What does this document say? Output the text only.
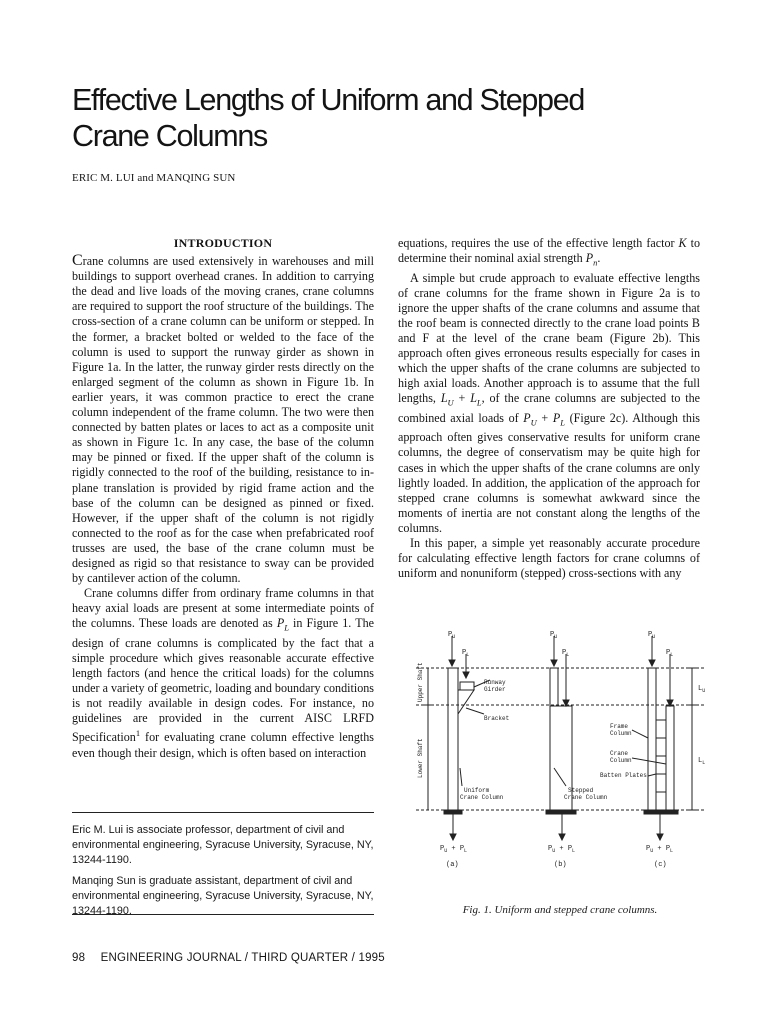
Effective Lengths of Uniform and Stepped
Crane Columns
ERIC M. LUI and MANQING SUN

INTRODUCTION

Crane columns are used extensively in warehouses and mill buildings to support overhead cranes. In addition to carrying the dead and live loads of the moving cranes, crane columns are required to support the roof structure of the buildings. The cross-section of a crane column can be uniform or stepped. In the former, a bracket bolted or welded to the face of the column is used to support the runway girder as shown in Figure 1a. In the latter, the runway girder rests directly on the enlarged segment of the column as shown in Figure 1b. In earlier years, it was common practice to erect the crane column independent of the frame column. The two were then connected by batten plates or laces to act as a composite unit as shown in Figure 1c. In any case, the base of the column may be pinned or fixed. If the upper shaft of the column is rigidly connected to the roof of the building, resistance to in-plane translation is provided by rigid frame action and the base of the column can be designed as pinned or fixed. However, if the upper shaft of the column is not rigidly connected to the roof as for the case when prefabricated roof trusses are used, the base of the crane column must be designed as rigid so that resistance to sway can be provided by cantilever action of the column.

Crane columns differ from ordinary frame columns in that heavy axial loads are present at some intermediate points of the columns. These loads are denoted as $P_L$ in Figure 1. The design of crane columns is complicated by the fact that a simple procedure which gives reasonable accurate effective length factors (and hence the critical loads) for the columns under a variety of geometric, loading and boundary conditions is not readily available in design codes. For instance, no guidelines are provided in the current AISC LRFD Specification$^1$ for evaluating crane column effective lengths even though their design, which is often based on interaction

equations, requires the use of the effective length factor K to determine their nominal axial strength $P_n$.

A simple but crude approach to evaluate effective lengths of crane columns for the frame shown in Figure 2a is to ignore the upper shafts of the crane columns and assume that the roof beam is connected directly to the crane load points B and F at the level of the crane beam (Figure 2b). This approach often gives erroneous results especially for cases in which the upper shafts of the crane columns are subjected to high axial loads. Another approach is to assume that the full lengths, $L_U + L_L$, of the crane columns are subjected to the combined axial loads of $P_U + P_L$ (Figure 2c). Although this approach often gives conservative results for uniform crane columns, the degree of conservatism may be quite high for cases in which the upper shafts of the crane columns are only lightly loaded. In addition, the application of the approach for stepped crane columns is somewhat awkward since the moments of inertia are not constant along the lengths of the columns.

In this paper, a simple yet reasonably accurate procedure for calculating effective length factors for crane columns of uniform and nonuniform (stepped) cross-sections with any

$P_U$
$P_L$
Upper Shaft
Lower Shaft
Runway
Girder
Bracket
Uniform
Crane Column
$P_U + P_L$
(a)
$P_U$
$P_L$
Stepped
Crane Column
$P_U + P_L$
(b)
$P_U$
$P_L$
$L_U$
$L_L$
Frame
Column
Crane
Column
Batten Plates
$P_U + P_L$
(c)
Fig. 1. Uniform and stepped crane columns.

Eric M. Lui is associate professor, department of civil and environmental engineering, Syracuse University, Syracuse, NY, 13244-1190.

Manqing Sun is graduate assistant, department of civil and environmental engineering, Syracuse University, Syracuse, NY, 13244-1190.

98 ENGINEERING JOURNAL / THIRD QUARTER / 1995
